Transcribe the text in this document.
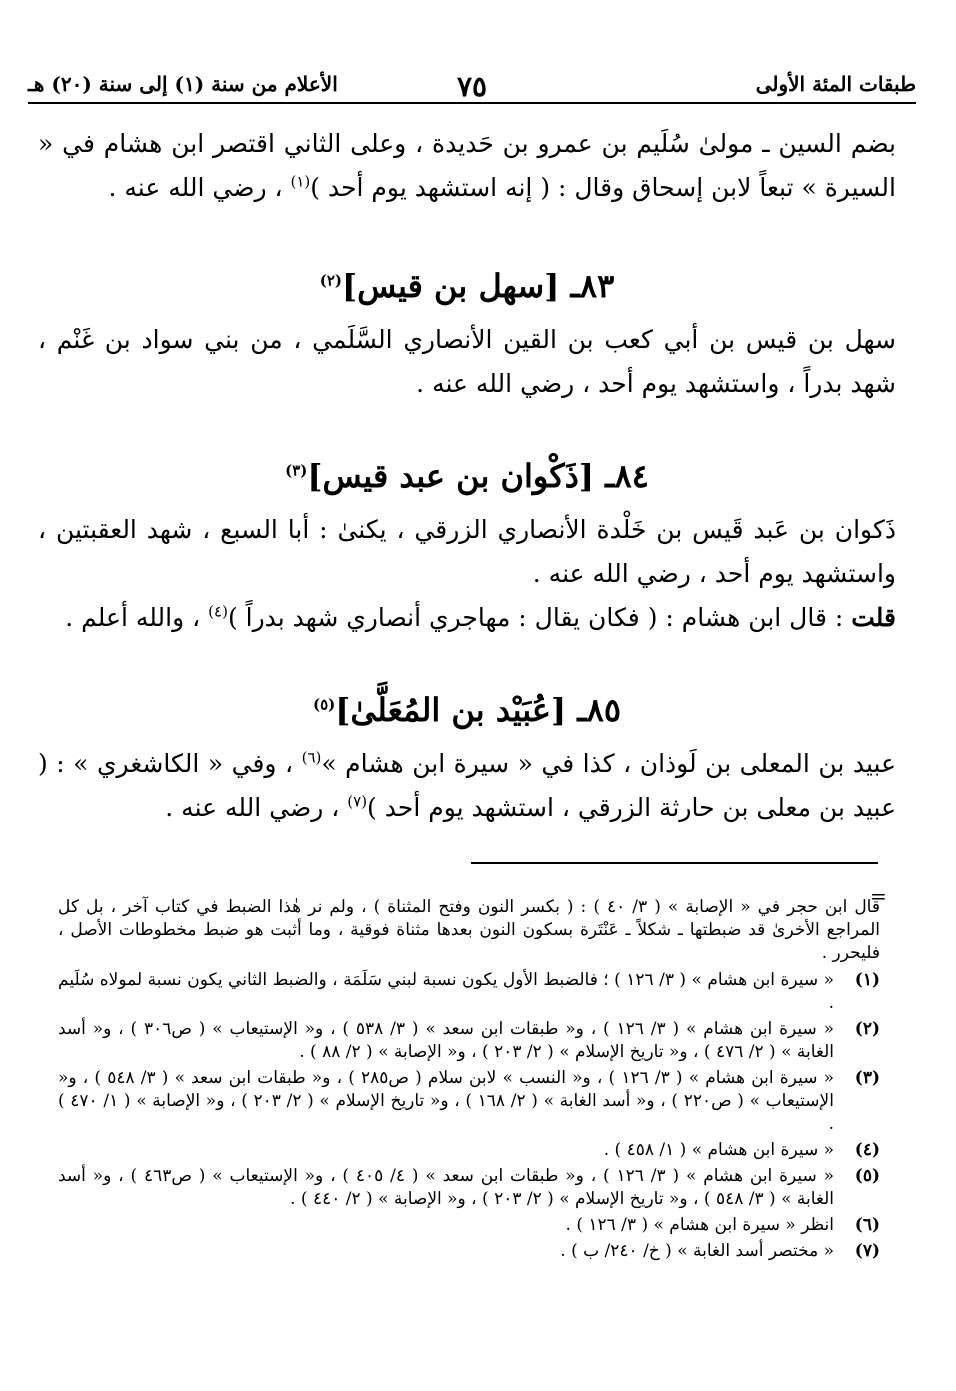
طبقات المئة الأولى
٧٥
الأعلام من سنة (١) إلى سنة (٢٠) هـ

بضم السين ـ مولىٰ سُلَيم بن عمرو بن حَديدة ، وعلى الثاني اقتصر ابن هشام في « السيرة » تبعاً لابن إسحاق وقال : ( إنه استشهد يوم أحد )$^{(١)}$ ، رضي الله عنه .

٨٣ـ [سهل بن قيس]$^{(٢)}$

سهل بن قيس بن أبي كعب بن القين الأنصاري السَّلَمي ، من بني سواد بن غَنْم ، شهد بدراً ، واستشهد يوم أحد ، رضي الله عنه .

٨٤ـ [ذَكْوان بن عبد قيس]$^{(٣)}$

ذَكوان بن عَبد قَيس بن خَلْدة الأنصاري الزرقي ، يكنىٰ : أبا السبع ، شهد العقبتين ، واستشهد يوم أحد ، رضي الله عنه .

قلت : قال ابن هشام : ( فكان يقال : مهاجري أنصاري شهد بدراً )$^{(٤)}$ ، والله أعلم .

٨٥ـ [عُبَيْد بن المُعَلَّىٰ]$^{(٥)}$

عبيد بن المعلى بن لَوذان ، كذا في « سيرة ابن هشام »$^{(٦)}$ ، وفي « الكاشغري » : ( عبيد بن معلى بن حارثة الزرقي ، استشهد يوم أحد )$^{(٧)}$ ، رضي الله عنه .

=

قال ابن حجر في « الإصابة » ( ٣/ ٤٠ ) : ( بكسر النون وفتح المثناة ) ، ولم نر هٰذا الضبط في كتاب آخر ، بل كل المراجع الأخرىٰ قد ضبطتها ـ شكلاً ـ عَنْتَرة بسكون النون بعدها مثناة فوقية ، وما أثبت هو ضبط مخطوطات الأصل ، فليحرر .

(١)
« سيرة ابن هشام » ( ٣/ ١٢٦ ) ؛ فالضبط الأول يكون نسبة لبني سَلَمَة ، والضبط الثاني يكون نسبة لمولاه سُلَيم .
(٢)
« سيرة ابن هشام » ( ٣/ ١٢٦ ) ، و« طبقات ابن سعد » ( ٣/ ٥٣٨ ) ، و« الإستيعاب » ( ص٣٠٦ ) ، و« أسد الغابة » ( ٢/ ٤٧٦ ) ، و« تاريخ الإسلام » ( ٢/ ٢٠٣ ) ، و« الإصابة » ( ٢/ ٨٨ ) .
(٣)
« سيرة ابن هشام » ( ٣/ ١٢٦ ) ، و« النسب » لابن سلام ( ص٢٨٥ ) ، و« طبقات ابن سعد » ( ٣/ ٥٤٨ ) ، و« الإستيعاب » ( ص٢٢٠ ) ، و« أسد الغابة » ( ٢/ ١٦٨ ) ، و« تاريخ الإسلام » ( ٢/ ٢٠٣ ) ، و« الإصابة » ( ١/ ٤٧٠ ) .
(٤)
« سيرة ابن هشام » ( ١/ ٤٥٨ ) .
(٥)
« سيرة ابن هشام » ( ٣/ ١٢٦ ) ، و« طبقات ابن سعد » ( ٤/ ٤٠٥ ) ، و« الإستيعاب » ( ص٤٦٣ ) ، و« أسد الغابة » ( ٣/ ٥٤٨ ) ، و« تاريخ الإسلام » ( ٢/ ٢٠٣ ) ، و« الإصابة » ( ٢/ ٤٤٠ ) .
(٦)
انظر « سيرة ابن هشام » ( ٣/ ١٢٦ ) .
(٧)
« مختصر أسد الغابة » ( خ/ ٢٤٠/ ب ) .
